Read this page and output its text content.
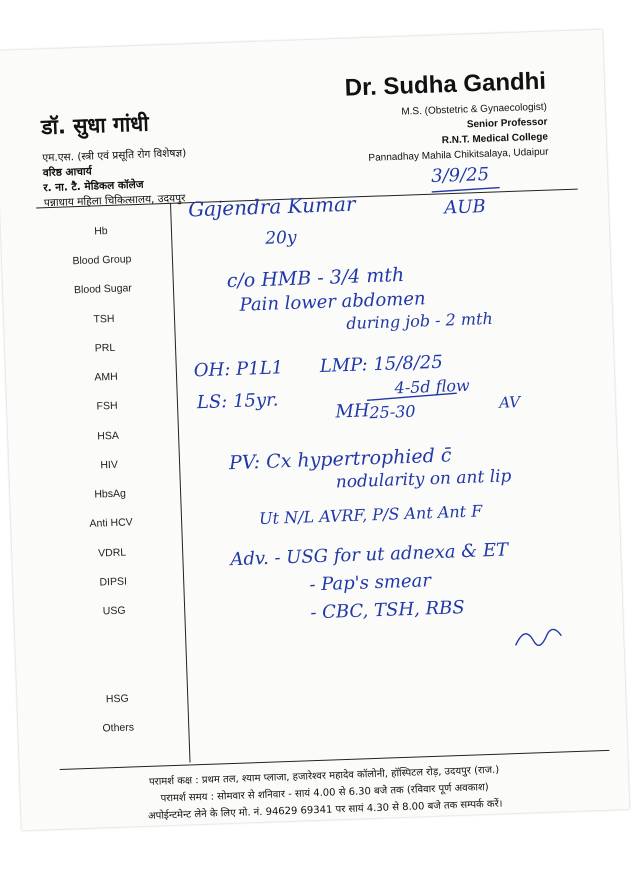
डॉ. सुधा गांधी
एम.एस. (स्त्री एवं प्रसूति रोग विशेषज्ञ)
वरिष्ठ आचार्य
र. ना. टै. मेडिकल कॉलेज
पन्नाधाय महिला चिकित्सालय, उदयपुर
Dr. Sudha Gandhi
M.S. (Obstetric & Gynaecologist)
Senior Professor
R.N.T. Medical College
Pannadhay Mahila Chikitsalaya, Udaipur
Hb
Blood Group
Blood Sugar
TSH
PRL
AMH
FSH
HSA
HIV
HbsAg
Anti HCV
VDRL
DIPSI
USG
HSG
Others
परामर्श कक्ष : प्रथम तल, श्याम प्लाजा, हजारेश्वर महादेव कॉलोनी, हॉस्पिटल रोड़, उदयपुर (राज.)
परामर्श समय : सोमवार से शनिवार - सायं 4.00 से 6.30 बजे तक (रविवार पूर्ण अवकाश)
अपोईन्टमेन्ट लेने के लिए मो. नं. 94629 69341 पर सायं 4.30 से 8.00 बजे तक सम्पर्क करें।
3/9/25
AUB
Gajendra Kumar
20y
c/o HMB - 3/4 mth
Pain lower abdomen
during job - 2 mth
OH: P1L1 LMP: 15/8/25
LS: 15yr.	MH
4-5d flow
25-30	AV
PV: Cx hypertrophied c̄
nodularity on ant lip
Ut N/L AVRF, P/S Ant Ant F
Adv. - USG for ut adnexa & ET
- Pap's smear
- CBC, TSH, RBS
